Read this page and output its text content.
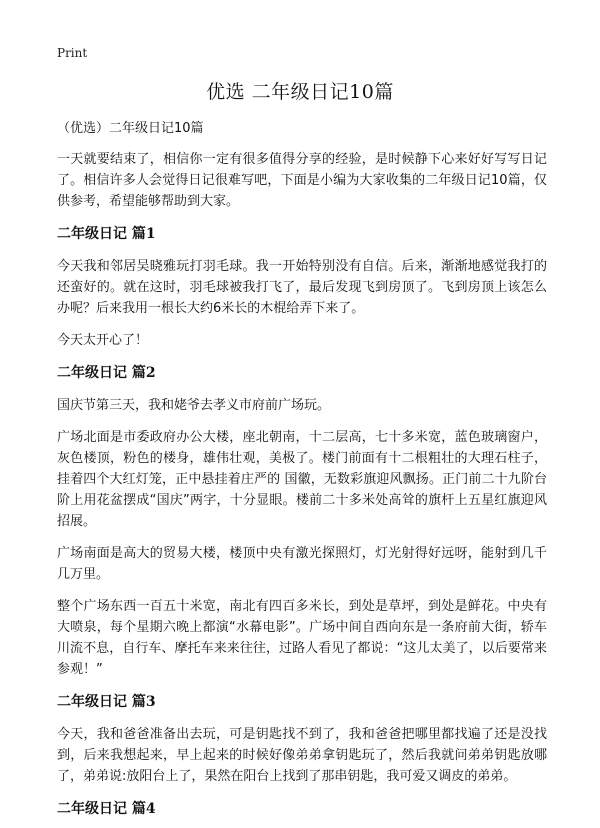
Print
优选 二年级日记10篇

（优选）二年级日记10篇

一天就要结束了，相信你一定有很多值得分享的经验，是时候静下心来好好写写日记了。相信许多人会觉得日记很难写吧，下面是小编为大家收集的二年级日记10篇，仅供参考，希望能够帮助到大家。

二年级日记 篇1

今天我和邻居吴晓雅玩打羽毛球。我一开始特别没有自信。后来，渐渐地感觉我打的 还蛮好的。就在这时，羽毛球被我打飞了，最后发现飞到房顶了。飞到房顶上该怎么办呢？后来我用一根长大约6米长的木棍给弄下来了。

今天太开心了！

二年级日记 篇2

国庆节第三天，我和姥爷去孝义市府前广场玩。

广场北面是市委政府办公大楼，座北朝南，十二层高，七十多米宽，蓝色玻璃窗户，灰色楼顶，粉色的楼身，雄伟壮观，美极了。楼门前面有十二根粗壮的大理石柱子，挂着四个大红灯笼，正中悬挂着庄严的 国徽，无数彩旗迎风飘扬。正门前二十九阶台阶上用花盆摆成“国庆”两字，十分显眼。楼前二十多米处高耸的旗杆上五星红旗迎风招展。

广场南面是高大的贸易大楼，楼顶中央有激光探照灯，灯光射得好远呀，能射到几千几万里。

整个广场东西一百五十米宽，南北有四百多米长，到处是草坪，到处是鲜花。中央有大喷泉，每个星期六晚上都演“水幕电影”。广场中间自西向东是一条府前大街，轿车川流不息，自行车、摩托车来来往往，过路人看见了都说：“这儿太美了，以后要常来参观！”

二年级日记 篇3

今天，我和爸爸准备出去玩，可是钥匙找不到了，我和爸爸把哪里都找遍了还是没找到，后来我想起来，早上起来的时候好像弟弟拿钥匙玩了，然后我就问弟弟钥匙放哪了，弟弟说:放阳台上了，果然在阳台上找到了那串钥匙，我可爱又调皮的弟弟。

二年级日记 篇4
